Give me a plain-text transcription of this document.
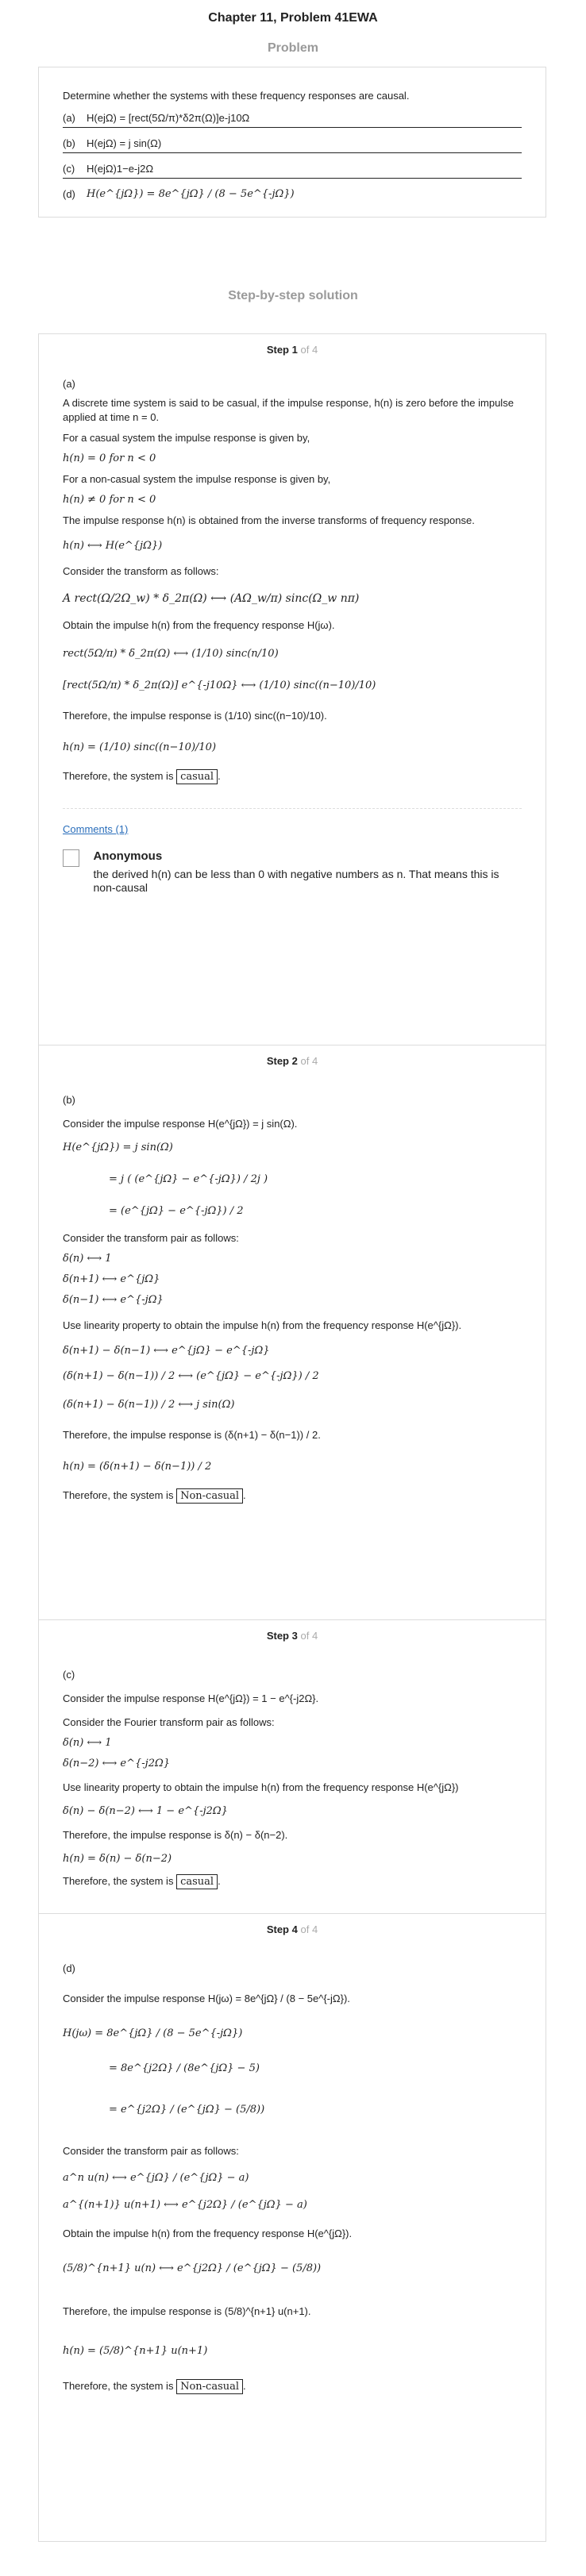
Chapter 11, Problem 41EWA
Problem
Determine whether the systems with these frequency responses are causal.
(a)	H(ejΩ) = [rect(5Ω/π)*δ2π(Ω)]e-j10Ω
(b)	H(ejΩ) = j sin(Ω)
(c)	H(ejΩ)1−e-j2Ω
(d)	H(e^{jΩ}) = 8e^{jΩ} / (8 − 5e^{-jΩ})
Step-by-step solution
Step 1 of 4
(a)
A discrete time system is said to be casual, if the impulse response, h(n) is zero before the impulse applied at time n = 0.
For a casual system the impulse response is given by,
h(n) = 0 for n < 0
For a non-casual system the impulse response is given by,
h(n) ≠ 0 for n < 0
The impulse response h(n) is obtained from the inverse transforms of frequency response.
h(n) ⟷ H(e^{jΩ})
Consider the transform as follows:
A rect(Ω/2Ω_w) * δ_2π(Ω) ⟷ (AΩ_w/π) sinc(Ω_w nπ)
Obtain the impulse h(n) from the frequency response H(jω).
rect(5Ω/π) * δ_2π(Ω) ⟷ (1/10) sinc(n/10)
[rect(5Ω/π) * δ_2π(Ω)] e^{-j10Ω} ⟷ (1/10) sinc((n−10)/10)
Therefore, the impulse response is (1/10) sinc((n−10)/10).
h(n) = (1/10) sinc((n−10)/10)
Therefore, the system is casual .
Comments (1)
Anonymous
the derived h(n) can be less than 0 with negative numbers as n. That means this is non-causal
Step 2 of 4
(b)
Consider the impulse response H(e^{jΩ}) = j sin(Ω).
H(e^{jΩ}) = j sin(Ω)
= j ( (e^{jΩ} − e^{-jΩ}) / 2j )
= (e^{jΩ} − e^{-jΩ}) / 2
Consider the transform pair as follows:
δ(n) ⟷ 1
δ(n+1) ⟷ e^{jΩ}
δ(n−1) ⟷ e^{-jΩ}
Use linearity property to obtain the impulse h(n) from the frequency response H(e^{jΩ}).
δ(n+1) − δ(n−1) ⟷ e^{jΩ} − e^{-jΩ}
(δ(n+1) − δ(n−1)) / 2 ⟷ (e^{jΩ} − e^{-jΩ}) / 2
(δ(n+1) − δ(n−1)) / 2 ⟷ j sin(Ω)
Therefore, the impulse response is (δ(n+1) − δ(n−1)) / 2.
h(n) = (δ(n+1) − δ(n−1)) / 2
Therefore, the system is Non-casual .
Step 3 of 4
(c)
Consider the impulse response H(e^{jΩ}) = 1 − e^{-j2Ω}.
Consider the Fourier transform pair as follows:
δ(n) ⟷ 1
δ(n−2) ⟷ e^{-j2Ω}
Use linearity property to obtain the impulse h(n) from the frequency response H(e^{jΩ})
δ(n) − δ(n−2) ⟷ 1 − e^{-j2Ω}
Therefore, the impulse response is δ(n) − δ(n−2).
h(n) = δ(n) − δ(n−2)
Therefore, the system is casual .
Step 4 of 4
(d)
Consider the impulse response H(jω) = 8e^{jΩ} / (8 − 5e^{-jΩ}).
H(jω) = 8e^{jΩ} / (8 − 5e^{-jΩ})
= 8e^{j2Ω} / (8e^{jΩ} − 5)
= e^{j2Ω} / (e^{jΩ} − (5/8))
Consider the transform pair as follows:
a^n u(n) ⟷ e^{jΩ} / (e^{jΩ} − a)
a^{(n+1)} u(n+1) ⟷ e^{j2Ω} / (e^{jΩ} − a)
Obtain the impulse h(n) from the frequency response H(e^{jΩ}).
(5/8)^{n+1} u(n) ⟷ e^{j2Ω} / (e^{jΩ} − (5/8))
Therefore, the impulse response is (5/8)^{n+1} u(n+1).
h(n) = (5/8)^{n+1} u(n+1)
Therefore, the system is Non-casual .
